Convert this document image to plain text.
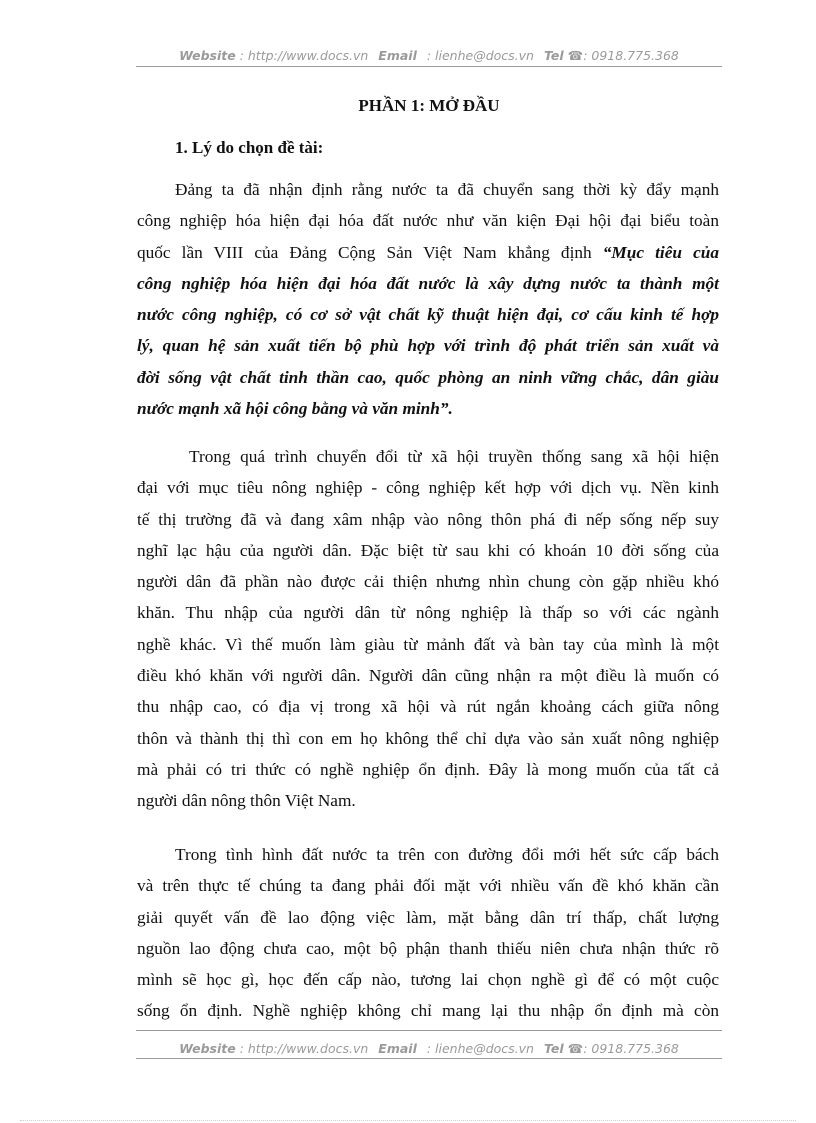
Website : http://www.docs.vn Email : lienhe@docs.vn Tel ☎: 0918.775.368
PHẦN 1: MỞ ĐẦU
1. Lý do chọn đề tài:
Đảng ta đã nhận định rằng nước ta đã chuyển sang thời kỳ đẩy mạnh
công nghiệp hóa hiện đại hóa đất nước như văn kiện Đại hội đại biểu toàn
quốc lần VIII của Đảng Cộng Sản Việt Nam khẳng định “Mục tiêu của
công nghiệp hóa hiện đại hóa đất nước là xây dựng nước ta thành một
nước công nghiệp, có cơ sở vật chất kỹ thuật hiện đại, cơ cấu kinh tế hợp
lý, quan hệ sản xuất tiến bộ phù hợp với trình độ phát triển sản xuất và
đời sống vật chất tinh thần cao, quốc phòng an ninh vững chắc, dân giàu
nước mạnh xã hội công bằng và văn minh”.
Trong quá trình chuyển đổi từ xã hội truyền thống sang xã hội hiện
đại với mục tiêu nông nghiệp - công nghiệp kết hợp với dịch vụ. Nền kinh
tế thị trường đã và đang xâm nhập vào nông thôn phá đi nếp sống nếp suy
nghĩ lạc hậu của người dân. Đặc biệt từ sau khi có khoán 10 đời sống của
người dân đã phần nào được cải thiện nhưng nhìn chung còn gặp nhiều khó
khăn. Thu nhập của người dân từ nông nghiệp là thấp so với các ngành
nghề khác. Vì thế muốn làm giàu từ mảnh đất và bàn tay của mình là một
điều khó khăn với người dân. Người dân cũng nhận ra một điều là muốn có
thu nhập cao, có địa vị trong xã hội và rút ngắn khoảng cách giữa nông
thôn và thành thị thì con em họ không thể chỉ dựa vào sản xuất nông nghiệp
mà phải có tri thức có nghề nghiệp ổn định. Đây là mong muốn của tất cả
người dân nông thôn Việt Nam.
Trong tình hình đất nước ta trên con đường đổi mới hết sức cấp bách
và trên thực tế chúng ta đang phải đối mặt với nhiều vấn đề khó khăn cần
giải quyết vấn đề lao động việc làm, mặt bằng dân trí thấp, chất lượng
nguồn lao động chưa cao, một bộ phận thanh thiếu niên chưa nhận thức rõ
mình sẽ học gì, học đến cấp nào, tương lai chọn nghề gì để có một cuộc
sống ổn định. Nghề nghiệp không chỉ mang lại thu nhập ổn định mà còn
Website : http://www.docs.vn Email : lienhe@docs.vn Tel ☎: 0918.775.368
